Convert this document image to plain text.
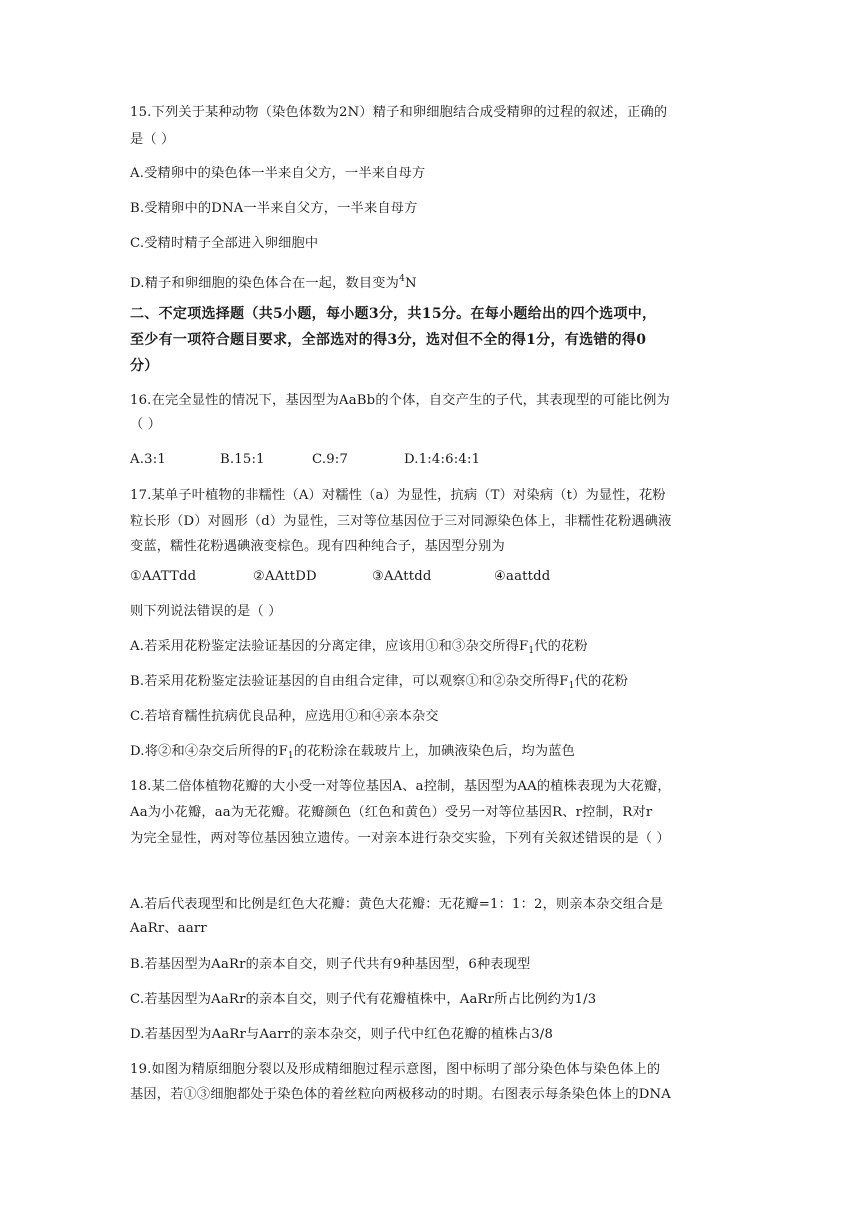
15.下列关于某种动物（染色体数为2N）精子和卵细胞结合成受精卵的过程的叙述，正确的
是（ ）
A.受精卵中的染色体一半来自父方，一半来自母方
B.受精卵中的DNA一半来自父方，一半来自母方
C.受精时精子全部进入卵细胞中
D.精子和卵细胞的染色体合在一起，数目变为$^4$N
二、不定项选择题（共5小题，每小题3分，共15分。在每小题给出的四个选项中，
至少有一项符合题目要求，全部选对的得3分，选对但不全的得1分，有选错的得0
分）
16.在完全显性的情况下，基因型为AaBb的个体，自交产生的子代，其表现型的可能比例为
（ ）
A.3:1	B.15:1	C.9:7	D.1:4:6:4:1
17.某单子叶植物的非糯性（A）对糯性（a）为显性，抗病（T）对染病（t）为显性，花粉
粒长形（D）对圆形（d）为显性，三对等位基因位于三对同源染色体上，非糯性花粉遇碘液
变蓝，糯性花粉遇碘液变棕色。现有四种纯合子，基因型分别为
①AATTdd	②AAttDD	③AAttdd	④aattdd
则下列说法错误的是（ ）
A.若采用花粉鉴定法验证基因的分离定律，应该用①和③杂交所得$F_1$代的花粉
B.若采用花粉鉴定法验证基因的自由组合定律，可以观察①和②杂交所得$F_1$代的花粉
C.若培育糯性抗病优良品种，应选用①和④亲本杂交
D.将②和④杂交后所得的$F_1$的花粉涂在载玻片上，加碘液染色后，均为蓝色
18.某二倍体植物花瓣的大小受一对等位基因A、a控制，基因型为AA的植株表现为大花瓣，
Aa为小花瓣，aa为无花瓣。花瓣颜色（红色和黄色）受另一对等位基因R、r控制，R对r
为完全显性，两对等位基因独立遗传。一对亲本进行杂交实验，下列有关叙述错误的是（ ）
A.若后代表现型和比例是红色大花瓣：黄色大花瓣：无花瓣=1：1：2，则亲本杂交组合是
AaRr、aarr
B.若基因型为AaRr的亲本自交，则子代共有9种基因型，6种表现型
C.若基因型为AaRr的亲本自交，则子代有花瓣植株中，AaRr所占比例约为1/3
D.若基因型为AaRr与Aarr的亲本杂交，则子代中红色花瓣的植株占3/8
19.如图为精原细胞分裂以及形成精细胞过程示意图，图中标明了部分染色体与染色体上的
基因，若①③细胞都处于染色体的着丝粒向两极移动的时期。右图表示每条染色体上的DNA
